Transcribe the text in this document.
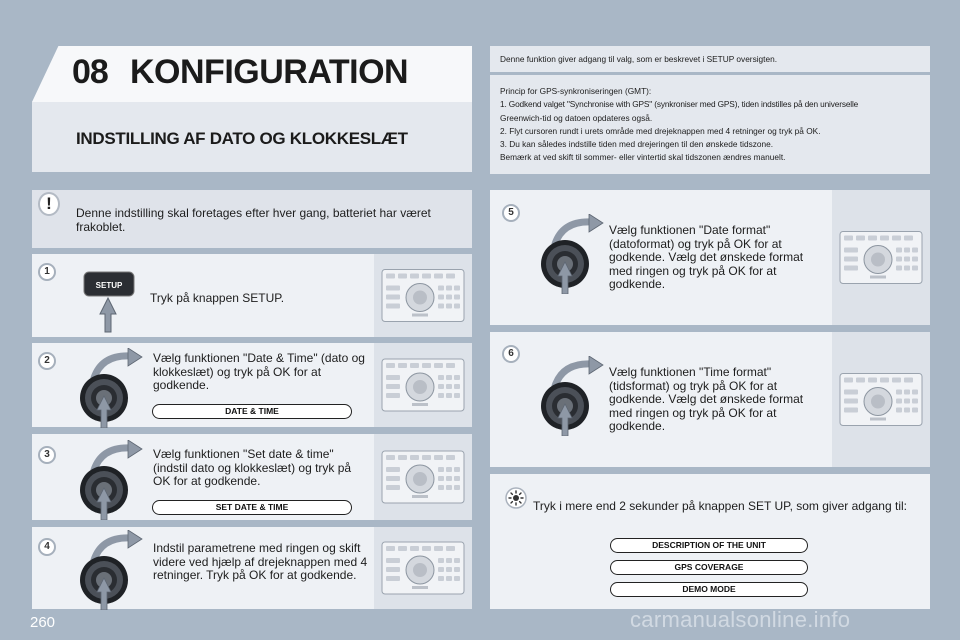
08 KONFIGURATION
INDSTILLING AF DATO OG KLOKKESLÆT
Denne funktion giver adgang til valg, som er beskrevet i SETUP oversigten.
Princip for GPS-synkroniseringen (GMT):
1. Godkend valget "Synchronise with GPS" (synkroniser med GPS), tiden indstilles på den universelle
Greenwich-tid og datoen opdateres også.
2. Flyt cursoren rundt i urets område med drejeknappen med 4 retninger og tryk på OK.
3. Du kan således indstille tiden med drejeringen til den ønskede tidszone.
Bemærk at ved skift til sommer- eller vintertid skal tidszonen ændres manuelt.
!	Denne indstilling skal foretages efter hver gang, batteriet har været frakoblet.
1
SETUP
Tryk på knappen SETUP.
2	Vælg funktionen "Date & Time" (dato og klokkeslæt) og tryk på OK for at godkende.
DATE & TIME
3	Vælg funktionen "Set date & time" (indstil dato og klokkeslæt) og tryk på OK for at godkende.
SET DATE & TIME
4	Indstil parametrene med ringen og skift videre ved hjælp af drejeknappen med 4 retninger. Tryk på OK for at godkende.
5
Vælg funktionen "Date format" (datoformat) og tryk på OK for at godkende. Vælg det ønskede format med ringen og tryk på OK for at godkende.
6
Vælg funktionen "Time format" (tidsformat) og tryk på OK for at godkende. Vælg det ønskede format med ringen og tryk på OK for at godkende.
Tryk i mere end 2 sekunder på knappen SET UP, som giver adgang til:
DESCRIPTION OF THE UNIT
GPS COVERAGE
DEMO MODE
260	carmanualsonline.info
